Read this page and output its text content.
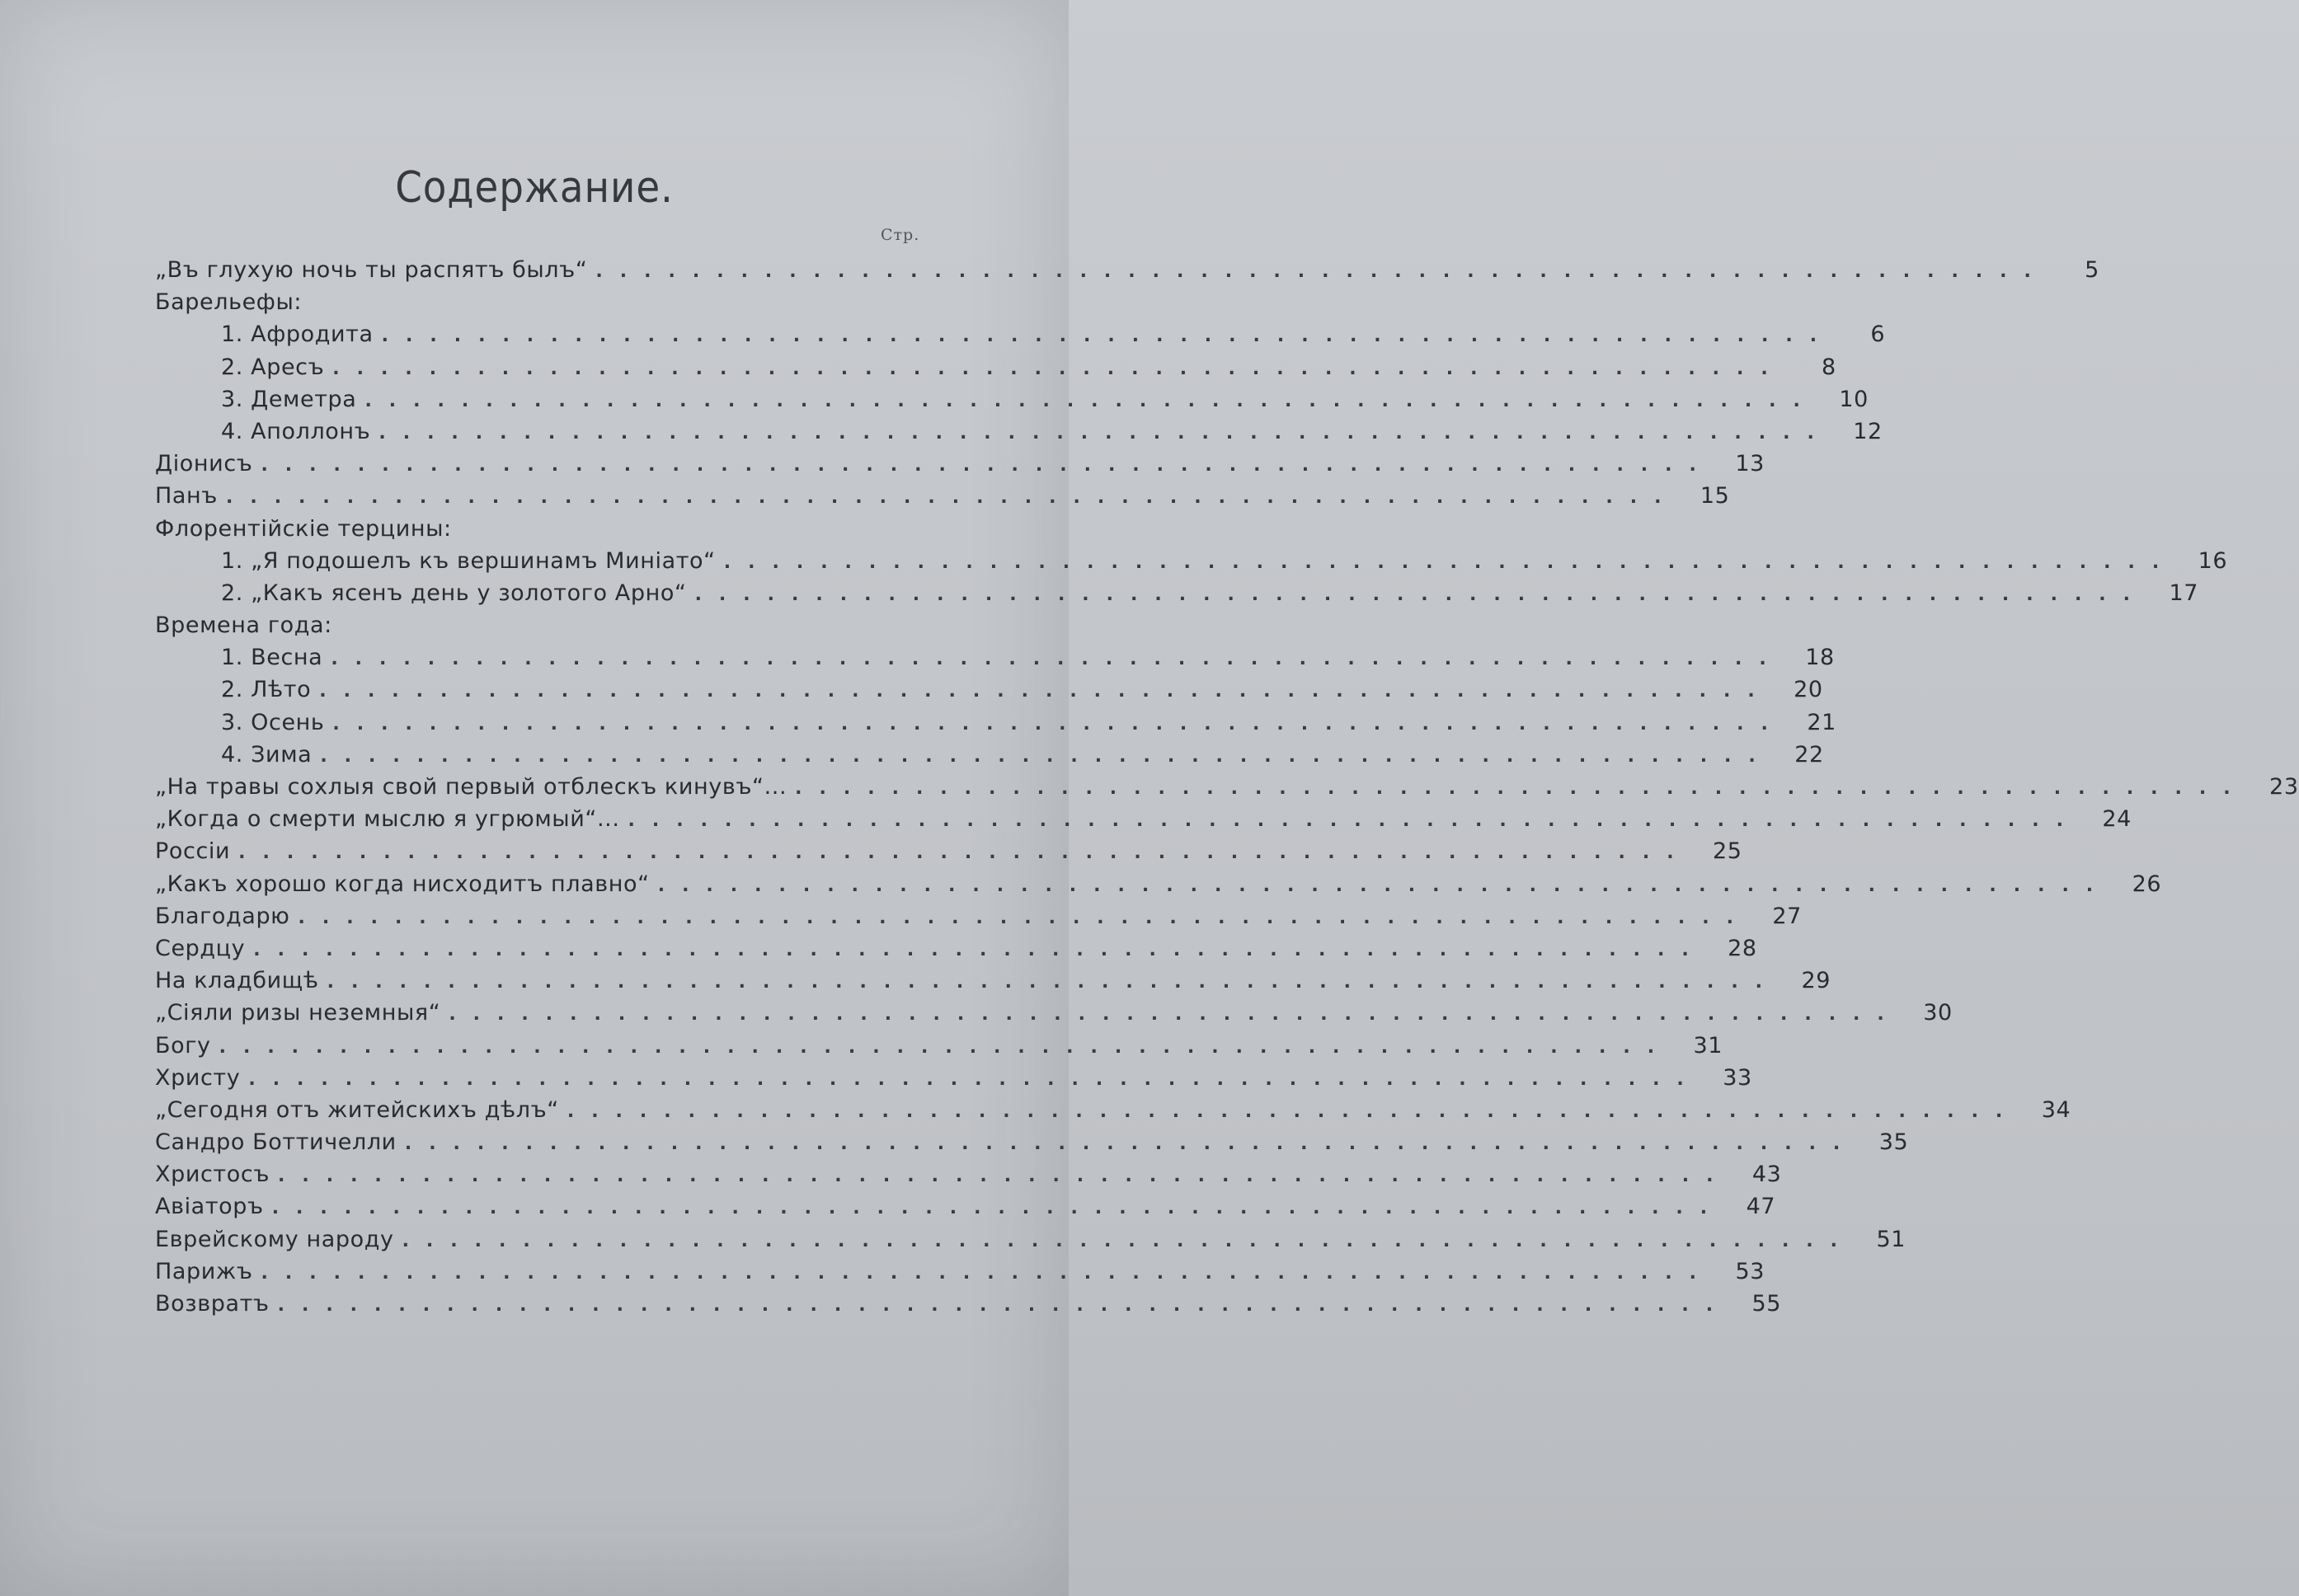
Содержание.
Стр.
„Въ глухую ночь ты распятъ былъ“ ............................................................	5
Барельефы:
1. Афродита ............................................................	6
2. Аресъ ............................................................	8
3. Деметра ............................................................ 10
4. Аполлонъ ............................................................ 12
Діонисъ ............................................................ 13
Панъ ............................................................ 15
Флорентійскіе терцины:
1. „Я подошелъ къ вершинамъ Миніато“ ............................................................ 16
2. „Какъ ясенъ день у золотого Арно“ ............................................................ 17
Времена года:
1. Весна ............................................................ 18
2. Лѣто ............................................................ 20
3. Осень ............................................................ 21
4. Зима ............................................................ 22
„На травы сохлыя свой первый отблескъ кинувъ“... ............................................................ 23
„Когда о смерти мыслю я угрюмый“... ............................................................ 24
Россіи ............................................................ 25
„Какъ хорошо когда нисходитъ плавно“ ............................................................ 26
Благодарю ............................................................ 27
Сердцу ............................................................ 28
На кладбищѣ ............................................................ 29
„Сіяли ризы неземныя“ ............................................................ 30
Богу ............................................................ 31
Христу ............................................................ 33
„Сегодня отъ житейскихъ дѣлъ“ ............................................................ 34
Сандро Боттичелли ............................................................ 35
Христосъ ............................................................ 43
Авіаторъ ............................................................ 47
Еврейскому народу ............................................................ 51
Парижъ ............................................................ 53
Возвратъ ............................................................ 55
